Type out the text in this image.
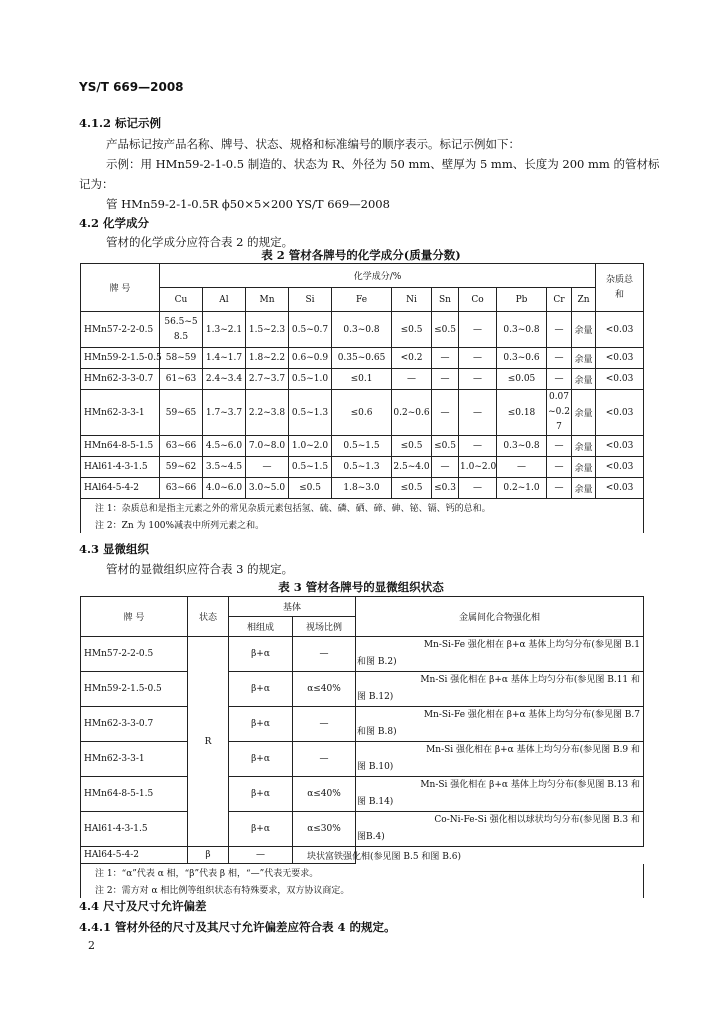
YS/T 669—2008
4.1.2 标记示例
产品标记按产品名称、牌号、状态、规格和标准编号的顺序表示。标记示例如下：
示例：用 HMn59-2-1-0.5 制造的、状态为 R、外径为 50 mm、壁厚为 5 mm、长度为 200 mm 的管材标
记为：
管 HMn59-2-1-0.5R ϕ50×5×200 YS/T 669—2008
4.2 化学成分
管材的化学成分应符合表 2 的规定。
表 2 管材各牌号的化学成分(质量分数)
牌 号	化学成分/%											杂质总和
	Cu	Al	Mn	Si	Fe	Ni	Sn	Co	Pb	Cr	Zn	
HMn57-2-2-0.5	56.5~58.5	1.3~2.1	1.5~2.3	0.5~0.7	0.3~0.8	≤0.5	≤0.5	—	0.3~0.8	—	余量	<0.03
HMn59-2-1.5-0.5	58~59	1.4~1.7	1.8~2.2	0.6~0.9	0.35~0.65	<0.2	—	—	0.3~0.6	—	余量	<0.03
HMn62-3-3-0.7	61~63	2.4~3.4	2.7~3.7	0.5~1.0	≤0.1	—	—	—	≤0.05	—	余量	<0.03
HMn62-3-3-1	59~65	1.7~3.7	2.2~3.8	0.5~1.3	≤0.6	0.2~0.6	—	—	≤0.18	0.07~0.27	余量	<0.03
HMn64-8-5-1.5	63~66	4.5~6.0	7.0~8.0	1.0~2.0	0.5~1.5	≤0.5	≤0.5	—	0.3~0.8	—	余量	<0.03
HAl61-4-3-1.5	59~62	3.5~4.5	—	0.5~1.5	0.5~1.3	2.5~4.0	—	1.0~2.0	—	—	余量	<0.03
HAl64-5-4-2	63~66	4.0~6.0	3.0~5.0	≤0.5	1.8~3.0	≤0.5	≤0.3	—	0.2~1.0	—	余量	<0.03
注 1：杂质总和是指主元素之外的常见杂质元素包括氢、硫、磷、硒、碲、砷、铋、镉、钙的总和。												
注 2：Zn 为 100%减表中所列元素之和。												
4.3 显微组织
管材的显微组织应符合表 3 的规定。
表 3 管材各牌号的显微组织状态
牌 号	状态	基体		金属间化合物强化相
		相组成	视场比例	
HMn57-2-2-0.5	R	β+α	—	Mn-Si-Fe 强化相在 β+α 基体上均匀分布(参见图 B.1
和图 B.2)

HMn59-2-1.5-0.5		β+α	α≤40%	Mn-Si 强化相在 β+α 基体上均匀分布(参见图 B.11 和
图 B.12)

HMn62-3-3-0.7		β+α	—	Mn-Si-Fe 强化相在 β+α 基体上均匀分布(参见图 B.7
和图 B.8)

HMn62-3-3-1		β+α	—	Mn-Si 强化相在 β+α 基体上均匀分布(参见图 B.9 和
图 B.10)

HMn64-8-5-1.5		β+α	α≤40%	Mn-Si 强化相在 β+α 基体上均匀分布(参见图 B.13 和
图 B.14)

HAl61-4-3-1.5		β+α	α≤30%	Co-Ni-Fe-Si 强化相以球状均匀分布(参见图 B.3 和
图B.4)

HAl64-5-4-2	β	—	块状富铁强化相(参见图 B.5 和图 B.6)	
注 1：“α”代表 α 相，“β”代表 β 相，“—”代表无要求。				
注 2：需方对 α 相比例等组织状态有特殊要求，双方协议商定。				
4.4 尺寸及尺寸允许偏差
4.4.1 管材外径的尺寸及其尺寸允许偏差应符合表 4 的规定。
2
